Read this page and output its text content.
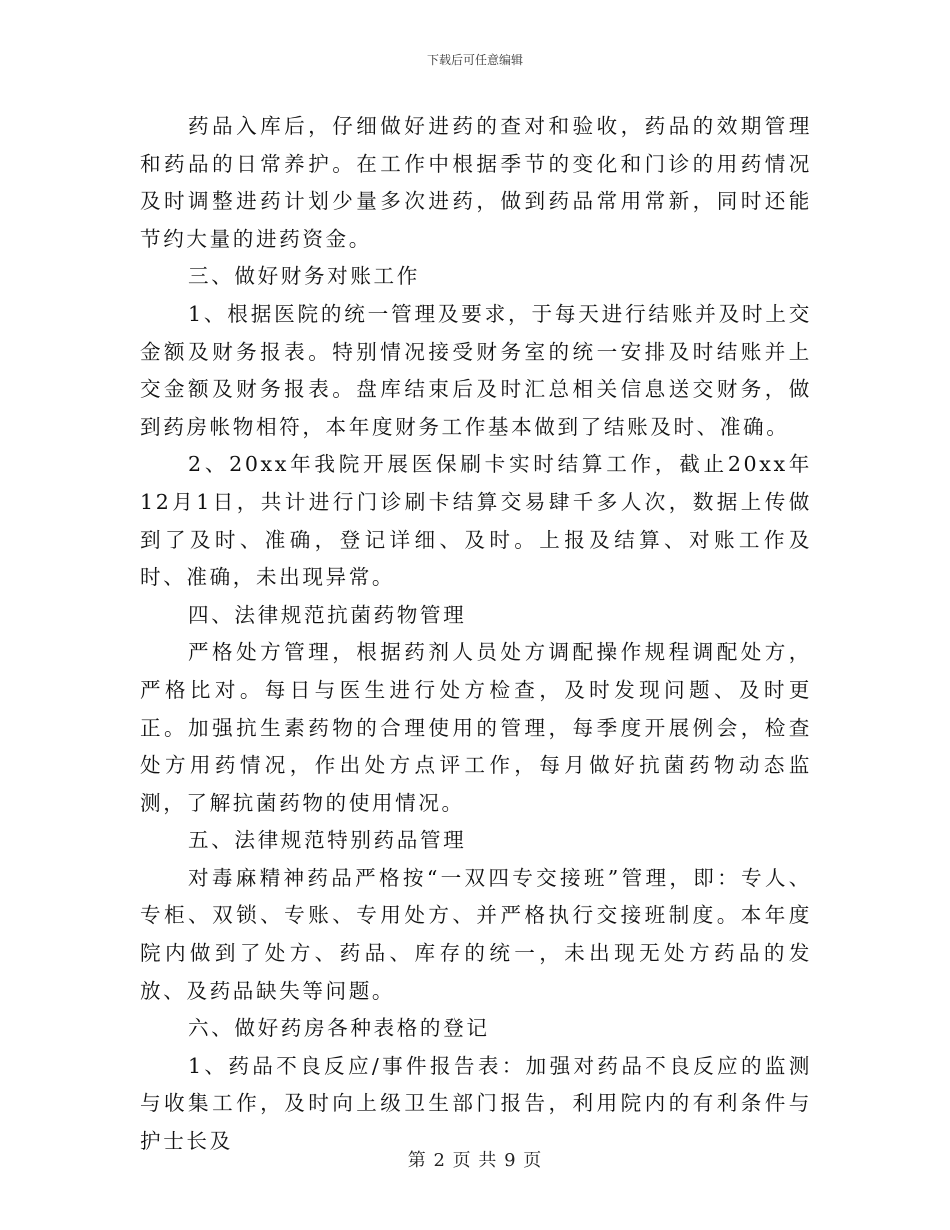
下载后可任意编辑

药品入库后，仔细做好进药的查对和验收，药品的效期管理和药品的日常养护。在工作中根据季节的变化和门诊的用药情况及时调整进药计划少量多次进药，做到药品常用常新，同时还能节约大量的进药资金。

三、做好财务对账工作

1、根据医院的统一管理及要求，于每天进行结账并及时上交金额及财务报表。特别情况接受财务室的统一安排及时结账并上交金额及财务报表。盘库结束后及时汇总相关信息送交财务，做到药房帐物相符，本年度财务工作基本做到了结账及时、准确。

2、20xx年我院开展医保刷卡实时结算工作，截止20xx年12月1日，共计进行门诊刷卡结算交易肆千多人次，数据上传做到了及时、准确，登记详细、及时。上报及结算、对账工作及时、准确，未出现异常。

四、法律规范抗菌药物管理

严格处方管理，根据药剂人员处方调配操作规程调配处方，严格比对。每日与医生进行处方检查，及时发现问题、及时更正。加强抗生素药物的合理使用的管理，每季度开展例会，检查处方用药情况，作出处方点评工作，每月做好抗菌药物动态监测，了解抗菌药物的使用情况。

五、法律规范特别药品管理

对毒麻精神药品严格按“一双四专交接班”管理，即：专人、专柜、双锁、专账、专用处方、并严格执行交接班制度。本年度院内做到了处方、药品、库存的统一，未出现无处方药品的发放、及药品缺失等问题。

六、做好药房各种表格的登记

1、药品不良反应/事件报告表：加强对药品不良反应的监测与收集工作，及时向上级卫生部门报告，利用院内的有利条件与护士长及

第 2 页 共 9 页
